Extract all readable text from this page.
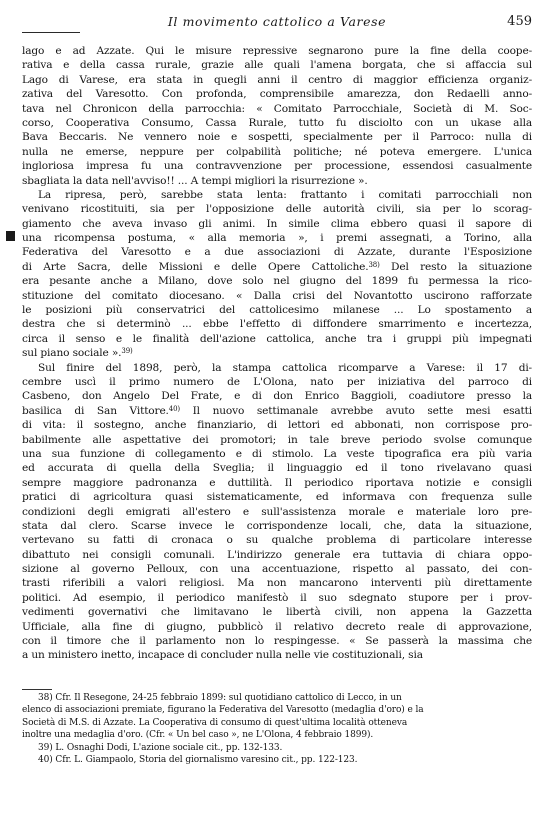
Il movimento cattolico a Varese	459

lago e ad Azzate. Qui le misure repressive segnarono pure la fine della coope-
rativa e della cassa rurale, grazie alle quali l'amena borgata, che si affaccia sul
Lago di Varese, era stata in quegli anni il centro di maggior efficienza organiz-
zativa del Varesotto. Con profonda, comprensibile amarezza, don Redaelli anno-
tava nel Chronicon della parrocchia: « Comitato Parrocchiale, Società di M. Soc-
corso, Cooperativa Consumo, Cassa Rurale, tutto fu disciolto con un ukase alla
Bava Beccaris. Ne vennero noie e sospetti, specialmente per il Parroco: nulla di
nulla ne emerse, neppure per colpabilità politiche; né poteva emergere. L'unica
ingloriosa impresa fu una contravvenzione per processione, essendosi casualmente
sbagliata la data nell'avviso!! ... A tempi migliori la risurrezione ».

La ripresa, però, sarebbe stata lenta: frattanto i comitati parrocchiali non
venivano ricostituiti, sia per l'opposizione delle autorità civili, sia per lo scorag-
giamento che aveva invaso gli animi. In simile clima ebbero quasi il sapore di
una ricompensa postuma, « alla memoria », i premi assegnati, a Torino, alla
Federativa del Varesotto e a due associazioni di Azzate, durante l'Esposizione
di Arte Sacra, delle Missioni e delle Opere Cattoliche.$^{38)}$ Del resto la situazione
era pesante anche a Milano, dove solo nel giugno del 1899 fu permessa la rico-
stituzione del comitato diocesano. « Dalla crisi del Novantotto uscirono rafforzate
le posizioni più conservatrici del cattolicesimo milanese ... Lo spostamento a
destra che si determinò ... ebbe l'effetto di diffondere smarrimento e incertezza,
circa il senso e le finalità dell'azione cattolica, anche tra i gruppi più impegnati
sul piano sociale ».$^{39)}$

Sul finire del 1898, però, la stampa cattolica ricomparve a Varese: il 17 di-
cembre uscì il primo numero de L'Olona, nato per iniziativa del parroco di
Casbeno, don Angelo Del Frate, e di don Enrico Baggioli, coadiutore presso la
basilica di San Vittore.$^{40)}$ Il nuovo settimanale avrebbe avuto sette mesi esatti
di vita: il sostegno, anche finanziario, di lettori ed abbonati, non corrispose pro-
babilmente alle aspettative dei promotori; in tale breve periodo svolse comunque
una sua funzione di collegamento e di stimolo. La veste tipografica era più varia
ed accurata di quella della Sveglia; il linguaggio ed il tono rivelavano quasi
sempre maggiore padronanza e duttilità. Il periodico riportava notizie e consigli
pratici di agricoltura quasi sistematicamente, ed informava con frequenza sulle
condizioni degli emigrati all'estero e sull'assistenza morale e materiale loro pre-
stata dal clero. Scarse invece le corrispondenze locali, che, data la situazione,
vertevano su fatti di cronaca o su qualche problema di particolare interesse
dibattuto nei consigli comunali. L'indirizzo generale era tuttavia di chiara oppo-
sizione al governo Pelloux, con una accentuazione, rispetto al passato, dei con-
trasti riferibili a valori religiosi. Ma non mancarono interventi più direttamente
politici. Ad esempio, il periodico manifestò il suo sdegnato stupore per i prov-
vedimenti governativi che limitavano le libertà civili, non appena la Gazzetta
Ufficiale, alla fine di giugno, pubblicò il relativo decreto reale di approvazione,
con il timore che il parlamento non lo respingesse. « Se passerà la massima che
a un ministero inetto, incapace di concluder nulla nelle vie costituzionali, sia

38) Cfr. Il Resegone, 24-25 febbraio 1899: sul quotidiano cattolico di Lecco, in un
elenco di associazioni premiate, figurano la Federativa del Varesotto (medaglia d'oro) e la
Società di M.S. di Azzate. La Cooperativa di consumo di quest'ultima località otteneva
inoltre una medaglia d'oro. (Cfr. « Un bel caso », ne L'Olona, 4 febbraio 1899).
39) L. Osnaghi Dodi, L'azione sociale cit., pp. 132-133.
40) Cfr. L. Giampaolo, Storia del giornalismo varesino cit., pp. 122-123.
